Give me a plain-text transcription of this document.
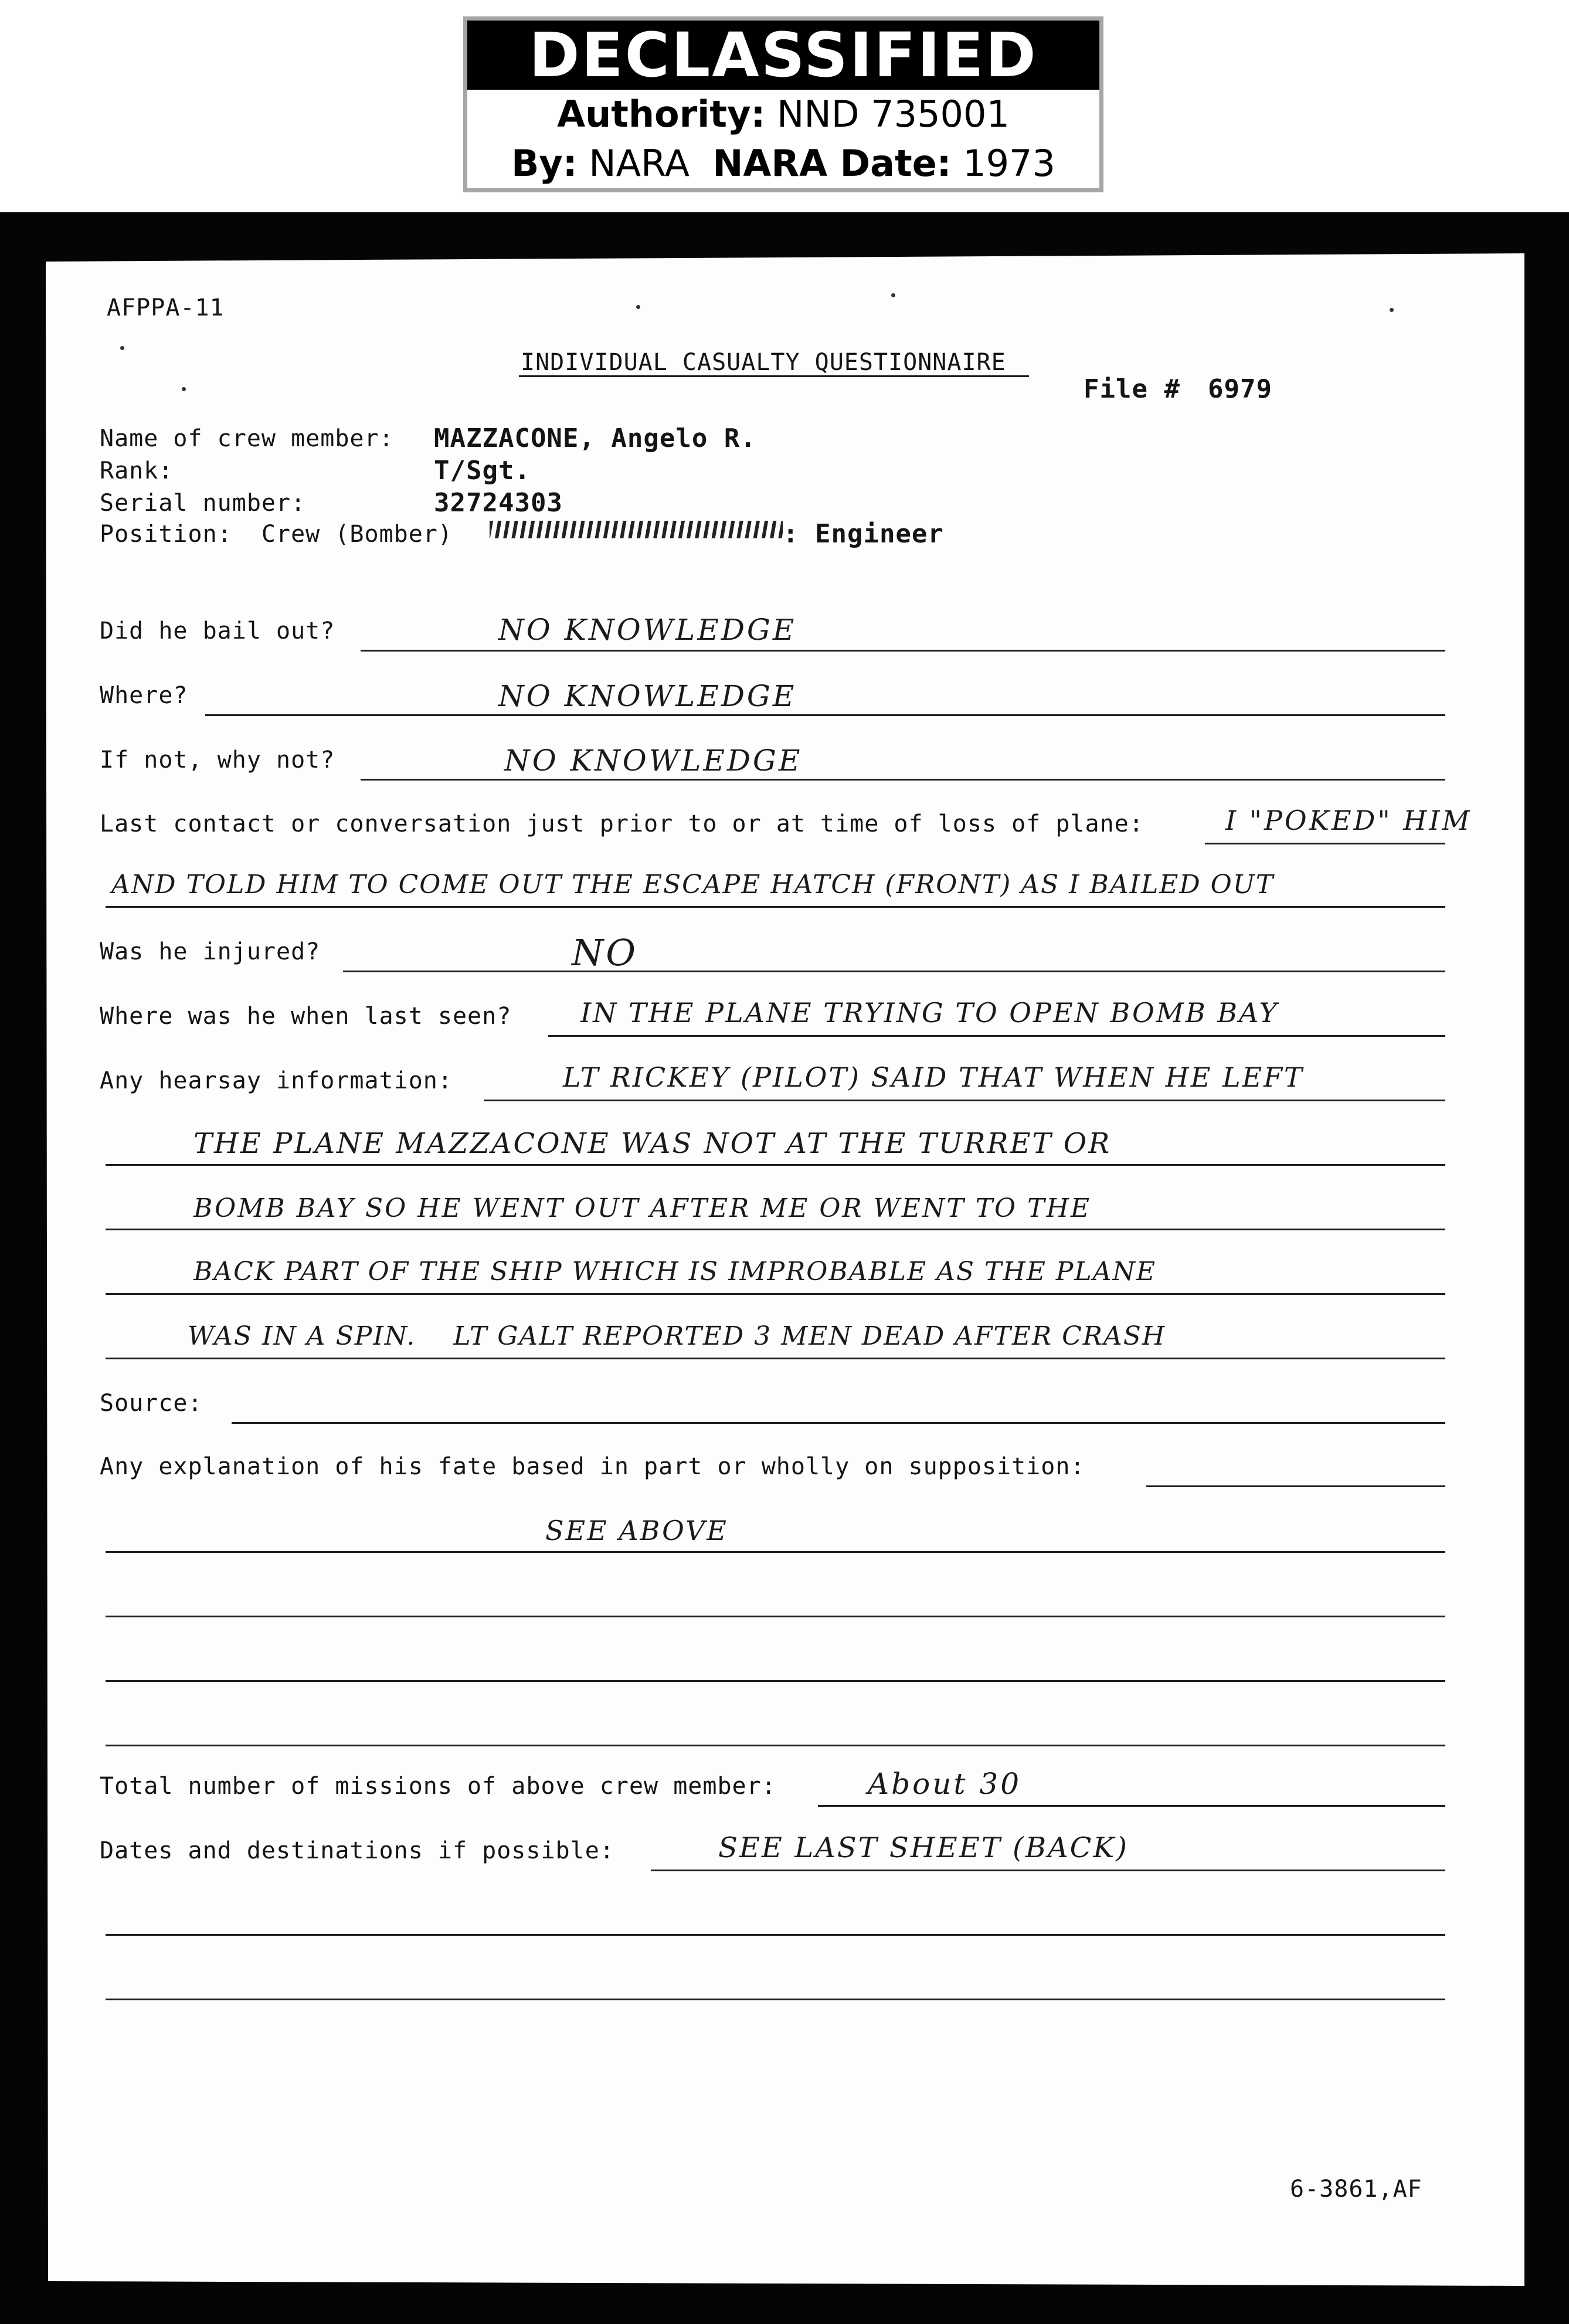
DECLASSIFIED
Authority: NND 735001
By: NARA NARA Date: 1973
AFPPA-11
INDIVIDUAL CASUALTY QUESTIONNAIRE
File # 6979
Name of crew member: MAZZACONE, Angelo R.
Rank:	T/Sgt.
Serial number:	32724303
Position:  Crew (Bomber)	: Engineer
Did he bail out?	NO KNOWLEDGE
Where?	NO KNOWLEDGE
If not, why not?	NO KNOWLEDGE
Last contact or conversation just prior to or at time of loss of plane:	I "POKED" HIM
AND TOLD HIM TO COME OUT THE ESCAPE HATCH (FRONT) AS I BAILED OUT
Was he injured?	NO
Where was he when last seen?	IN THE PLANE TRYING TO OPEN BOMB BAY
Any hearsay information:	LT RICKEY (PILOT) SAID THAT WHEN HE LEFT
THE PLANE MAZZACONE WAS NOT AT THE TURRET OR
BOMB BAY SO HE WENT OUT AFTER ME OR WENT TO THE
BACK PART OF THE SHIP WHICH IS IMPROBABLE AS THE PLANE
WAS IN A SPIN.    LT GALT REPORTED 3 MEN DEAD AFTER CRASH
Source:
Any explanation of his fate based in part or wholly on supposition:
SEE ABOVE
Total number of missions of above crew member:	About 30
Dates and destinations if possible:	SEE LAST SHEET (BACK)
6-3861,AF
